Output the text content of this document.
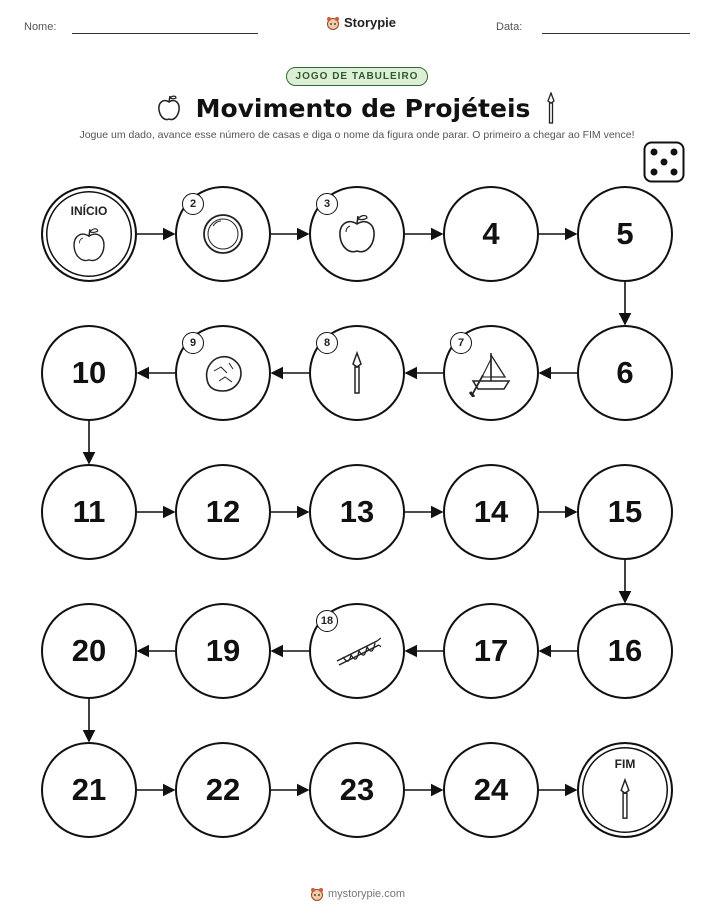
Nome:	Storypie	Data:
JOGO DE TABULEIRO
Movimento de Projéteis
Jogue um dado, avance esse número de casas e diga o nome da figura onde parar. O primeiro a chegar ao FIM vence!
INÍCIO	2	3
4	5
6
7
8
9
10
11	12	13	14	15
16
17
18
19
20
21	22	23	24
FIM
mystorypie.com
